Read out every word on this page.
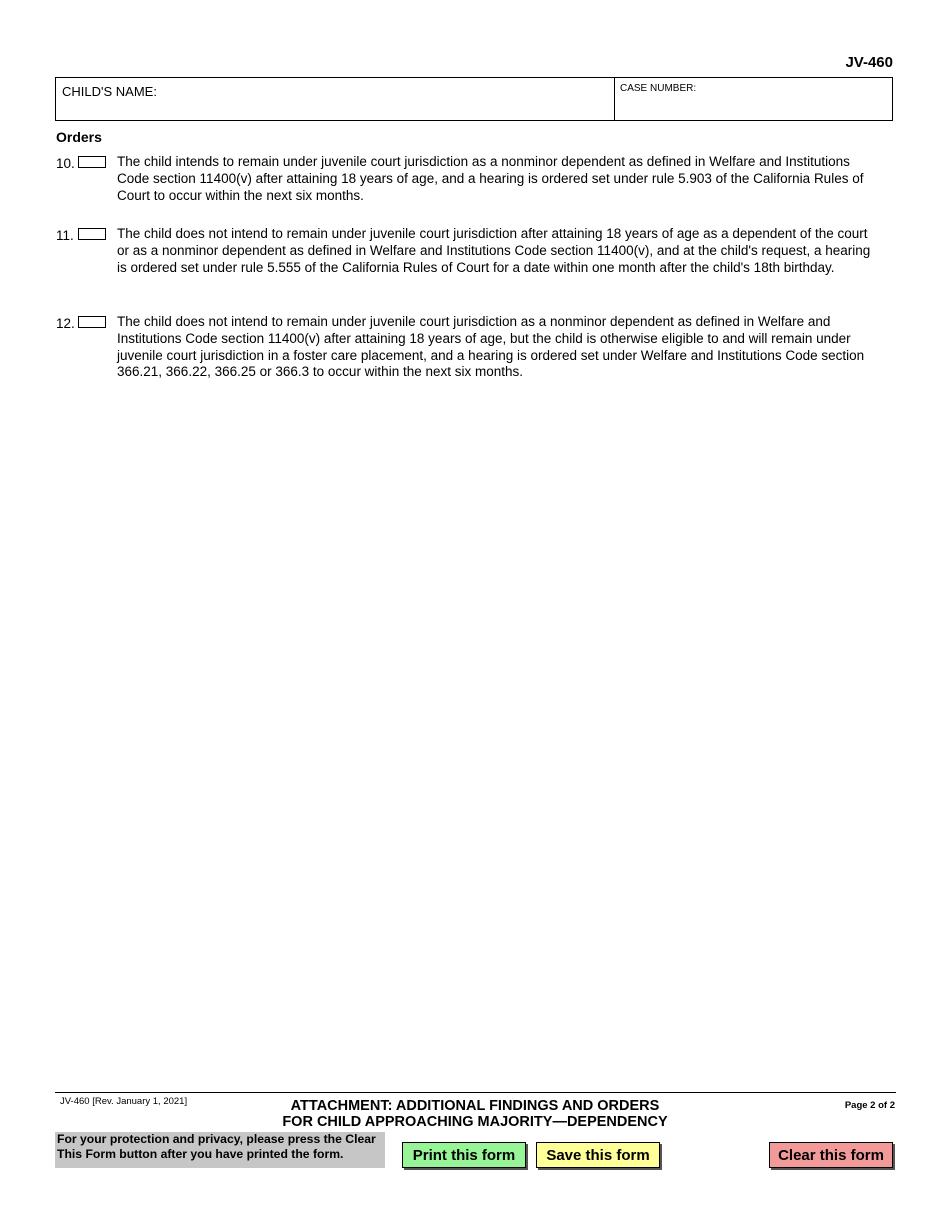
JV-460
CHILD'S NAME:	CASE NUMBER:
Orders
10.	The child intends to remain under juvenile court jurisdiction as a nonminor dependent as defined in Welfare and Institutions Code section 11400(v) after attaining 18 years of age, and a hearing is ordered set under rule 5.903 of the California Rules of Court to occur within the next six months.
11.	The child does not intend to remain under juvenile court jurisdiction after attaining 18 years of age as a dependent of the court or as a nonminor dependent as defined in Welfare and Institutions Code section 11400(v), and at the child's request, a hearing is ordered set under rule 5.555 of the California Rules of Court for a date within one month after the child's 18th birthday.
12.	The child does not intend to remain under juvenile court jurisdiction as a nonminor dependent as defined in Welfare and Institutions Code section 11400(v) after attaining 18 years of age, but the child is otherwise eligible to and will remain under juvenile court jurisdiction in a foster care placement, and a hearing is ordered set under Welfare and Institutions Code section 366.21, 366.22, 366.25 or 366.3 to occur within the next six months.
JV-460 [Rev. January 1, 2021]	ATTACHMENT: ADDITIONAL FINDINGS AND ORDERS
FOR CHILD APPROACHING MAJORITY—DEPENDENCY
Page 2 of 2
For your protection and privacy, please press the Clear This Form button after you have printed the form.	Print this form	Save this form	Clear this form
